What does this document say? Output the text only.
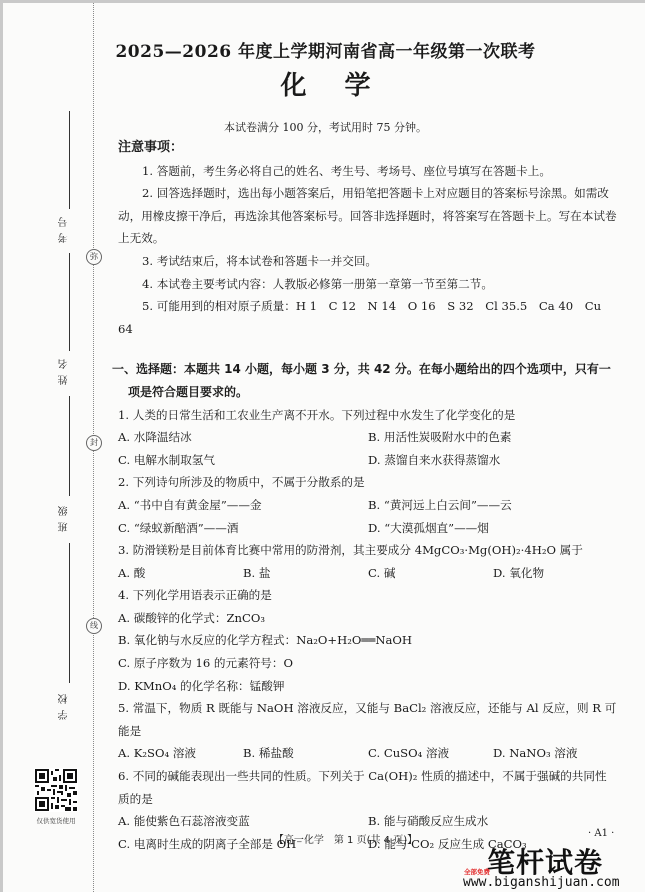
弥
封
线
考号
姓名
班级
学校
仅供宽货使用
2025—2026 年度上学期河南省高一年级第一次联考
化学
本试卷满分 100 分，考试用时 75 分钟。
注意事项：

1. 答题前，考生务必将自己的姓名、考生号、考场号、座位号填写在答题卡上。

2. 回答选择题时，选出每小题答案后，用铅笔把答题卡上对应题目的答案标号涂黑。如需改动，用橡皮擦干净后，再选涂其他答案标号。回答非选择题时，将答案写在答题卡上。写在本试卷上无效。

3. 考试结束后，将本试卷和答题卡一并交回。

4. 本试卷主要考试内容：人教版必修第一册第一章第一节至第二节。

5. 可能用到的相对原子质量：H 1　C 12　N 14　O 16　S 32　Cl 35.5　Ca 40　Cu 64

一、选择题：本题共 14 小题，每小题 3 分，共 42 分。在每小题给出的四个选项中，只有一项是符合题目要求的。

1. 人类的日常生活和工农业生产离不开水。下列过程中水发生了化学变化的是

A. 水降温结冰	B. 用活性炭吸附水中的色素
C. 电解水制取氢气	D. 蒸馏自来水获得蒸馏水

2. 下列诗句所涉及的物质中，不属于分散系的是

A. “书中自有黄金屋”——金	B. “黄河远上白云间”——云
C. “绿蚁新醅酒”——酒	D. “大漠孤烟直”——烟

3. 防滑镁粉是目前体育比赛中常用的防滑剂，其主要成分 4MgCO₃·Mg(OH)₂·4H₂O 属于

A. 酸	B. 盐	C. 碱	D. 氧化物

4. 下列化学用语表示正确的是

A. 碳酸锌的化学式：ZnCO₃
B. 氧化钠与水反应的化学方程式：Na₂O+H₂O══NaOH
C. 原子序数为 16 的元素符号：O
D. KMnO₄ 的化学名称：锰酸钾

5. 常温下，物质 R 既能与 NaOH 溶液反应，又能与 BaCl₂ 溶液反应，还能与 Al 反应，则 R 可能是

A. K₂SO₄ 溶液	B. 稀盐酸	C. CuSO₄ 溶液	D. NaNO₃ 溶液

6. 不同的碱能表现出一些共同的性质。下列关于 Ca(OH)₂ 性质的描述中，不属于强碱的共同性质的是

A. 能使紫色石蕊溶液变蓝	B. 能与硝酸反应生成水
C. 电离时生成的阴离子全部是 OH⁻	D. 能与 CO₂ 反应生成 CaCO₃
【高一化学　第 1 页(共 4 页)】
· A1 ·
笔杆试卷
全部免费
www.biganshijuan.com
